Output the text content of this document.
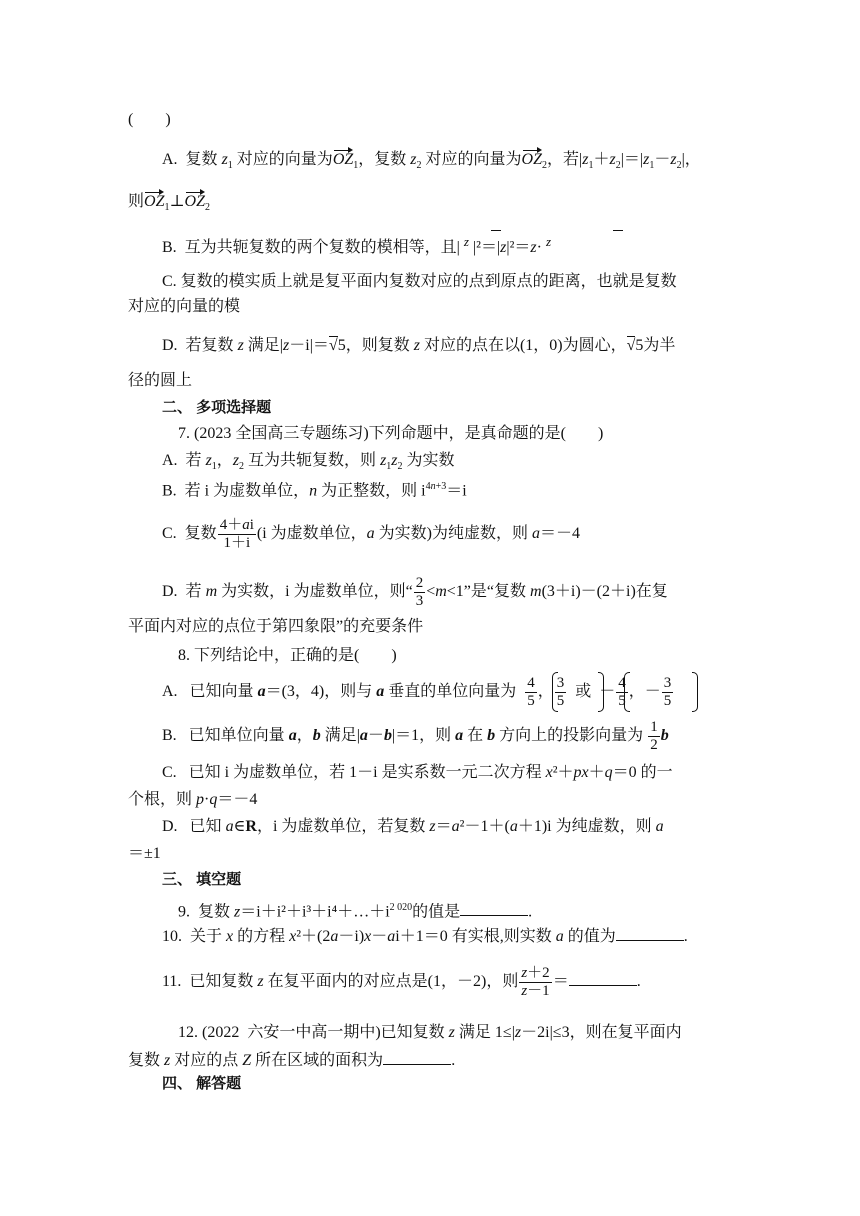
(　　)
A.  复数 $z_1$ 对应的向量为$OZ_1$，复数 $z_2$ 对应的向量为$OZ_2$，若$|z_1+z_2|=|z_1-z_2|$，
则$OZ_1\perp OZ_2$
B.  互为共轭复数的两个复数的模相等，且| $^z$ |²＝|z|²＝z· $^z$
C. 复数的模实质上就是复平面内复数对应的点到原点的距离，也就是复数
对应的向量的模
D.  若复数 z 满足|z－i|＝√5，则复数 z 对应的点在以(1，0)为圆心，√5为半
径的圆上
二、 多项选择题
7. (2023 全国高三专题练习)下列命题中，是真命题的是(　　)
A.  若 $z_1$，$z_2$ 互为共轭复数，则 $z_1z_2$ 为实数
B.  若 i 为虚数单位，n 为正整数，则 $i^{4n+3}=i$
C.  复数 $\frac{4+ai}{1+i} (i$ 为虚数单位，a 为实数)为纯虚数，则 a＝－4
D.  若 m 为实数，i 为虚数单位，则“ $\frac{2}{3} <m<1$”是“复数 m(3＋i)－(2＋i)在复
平面内对应的点位于第四象限”的充要条件
8. 下列结论中，正确的是(　　)
A.   已知向量 a＝(3，4)，则与 a 垂直的单位向量为 $\frac{4}{5}$ ， $\frac{3}{5}$ 或  － $\frac{4}{5}$ ，－ $\frac{3}{5}$

B.   已知单位向量 a，b 满足|a－b|＝1，则 a 在 b 方向上的投影向量为 $\frac{1}{2}$ b
C.   已知 i 为虚数单位，若 1－i 是实系数一元二次方程 x²＋px＋q＝0 的一
个根，则 p·q＝－4
D.   已知 a∈R，i 为虚数单位，若复数 z＝a²－1＋(a＋1)i 为纯虚数，则 a
＝±1
三、 填空题
9.  复数 $z=i+i^2+i^3+i^4+\dots+i^{2 020}$的值是	.
10.  关于 x 的方程 x²＋(2a－i)x－ai＋1＝0 有实根,则实数 a 的值为	.
11.  已知复数 z 在复平面内的对应点是(1，－2)，则 $\frac{z+2}{z-1}$ ＝	.
12. (2022  六安一中高一期中)已知复数 z 满足 1≤|z－2i|≤3，则在复平面内
复数 z 对应的点 Z 所在区域的面积为	.
四、 解答题
